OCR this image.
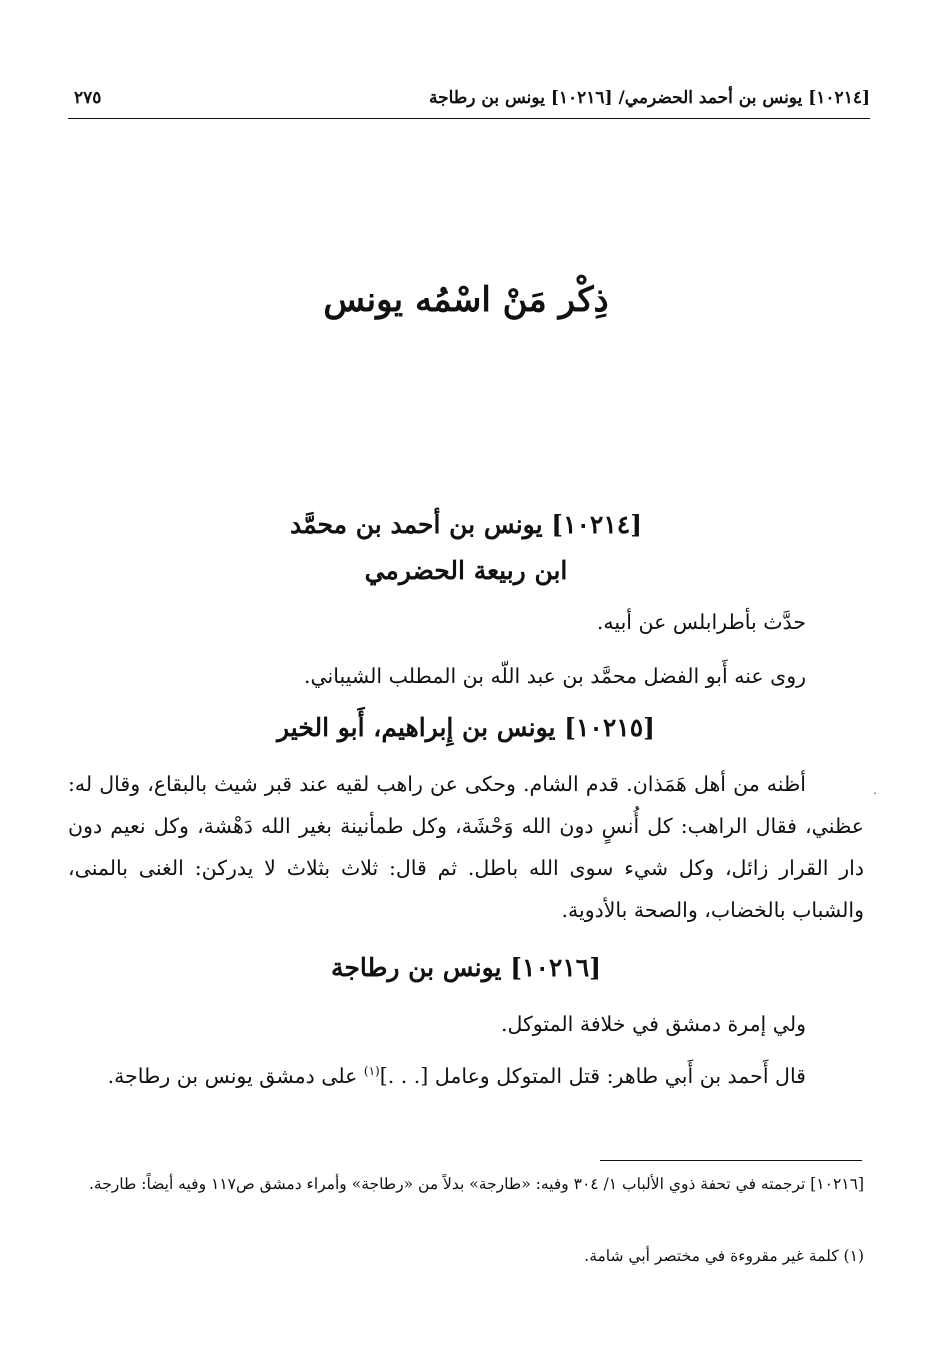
[١٠٢١٤] يونس بن أحمد الحضرمي/ [١٠٢١٦] يونس بن رطاجة
٢٧٥
ذِكْر مَنْ اسْمُه يونس
[١٠٢١٤] يونس بن أحمد بن محمَّد
ابن ربيعة الحضرمي
حدَّث بأطرابلس عن أبيه.
روى عنه أَبو الفضل محمَّد بن عبد اللّه بن المطلب الشيباني.
[١٠٢١٥] يونس بن إِبراهيم، أَبو الخير
أظنه من أهل هَمَذان. قدم الشام. وحكى عن راهب لقيه عند قبر شيث بالبقاع، وقال له: عظني، فقال الراهب: كل أُنسٍ دون الله وَحْشَة، وكل طمأنينة بغير الله دَهْشة، وكل نعيم دون دار القرار زائل، وكل شيء سوى الله باطل. ثم قال: ثلاث بثلاث لا يدركن: الغنى بالمنى، والشباب بالخضاب، والصحة بالأدوية.
.
[١٠٢١٦] يونس بن رطاجة
ولي إمرة دمشق في خلافة المتوكل.
قال أَحمد بن أَبي طاهر: قتل المتوكل وعامل [. . .]$^{(١)}$ على دمشق يونس بن رطاجة.
[١٠٢١٦] ترجمته في تحفة ذوي الألباب ١/ ٣٠٤ وفيه: «طارجة» بدلاً من «رطاجة» وأمراء دمشق ص١١٧ وفيه أيضاً: طارجة.
(١) كلمة غير مقروءة في مختصر أبي شامة.
